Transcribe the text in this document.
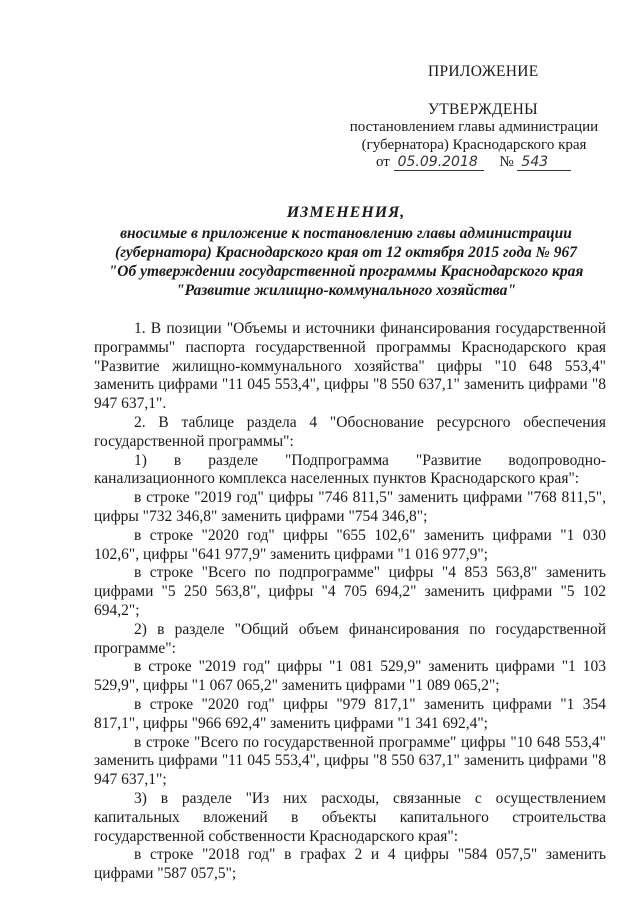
ПРИЛОЖЕНИЕ
УТВЕРЖДЕНЫ
постановлением главы администрации
(губернатора) Краснодарского края
от 05.09.2018 № 543
ИЗМЕНЕНИЯ,
вносимые в приложение к постановлению главы администрации
(губернатора) Краснодарского края от 12 октября 2015 года № 967
"Об утверждении государственной программы Краснодарского края
"Развитие жилищно-коммунального хозяйства"

1. В позиции "Объемы и источники финансирования государственной программы" паспорта государственной программы Краснодарского края "Развитие жилищно-коммунального хозяйства" цифры "10 648 553,4" заменить цифрами "11 045 553,4", цифры "8 550 637,1" заменить цифрами "8 947 637,1".

2. В таблице раздела 4 "Обоснование ресурсного обеспечения государственной программы":

1) в разделе "Подпрограмма "Развитие водопроводно-канализационного комплекса населенных пунктов Краснодарского края":

в строке "2019 год" цифры "746 811,5" заменить цифрами "768 811,5", цифры "732 346,8" заменить цифрами "754 346,8";

в строке "2020 год" цифры "655 102,6" заменить цифрами "1 030 102,6", цифры "641 977,9" заменить цифрами "1 016 977,9";

в строке "Всего по подпрограмме" цифры "4 853 563,8" заменить цифрами "5 250 563,8", цифры "4 705 694,2" заменить цифрами "5 102 694,2";

2) в разделе "Общий объем финансирования по государственной программе":

в строке "2019 год" цифры "1 081 529,9" заменить цифрами "1 103 529,9", цифры "1 067 065,2" заменить цифрами "1 089 065,2";

в строке "2020 год" цифры "979 817,1" заменить цифрами "1 354 817,1", цифры "966 692,4" заменить цифрами "1 341 692,4";

в строке "Всего по государственной программе" цифры "10 648 553,4" заменить цифрами "11 045 553,4", цифры "8 550 637,1" заменить цифрами "8 947 637,1";

3) в разделе "Из них расходы, связанные с осуществлением капитальных вложений в объекты капитального строительства государственной собственности Краснодарского края":

в строке "2018 год" в графах 2 и 4 цифры "584 057,5" заменить цифрами "587 057,5";
